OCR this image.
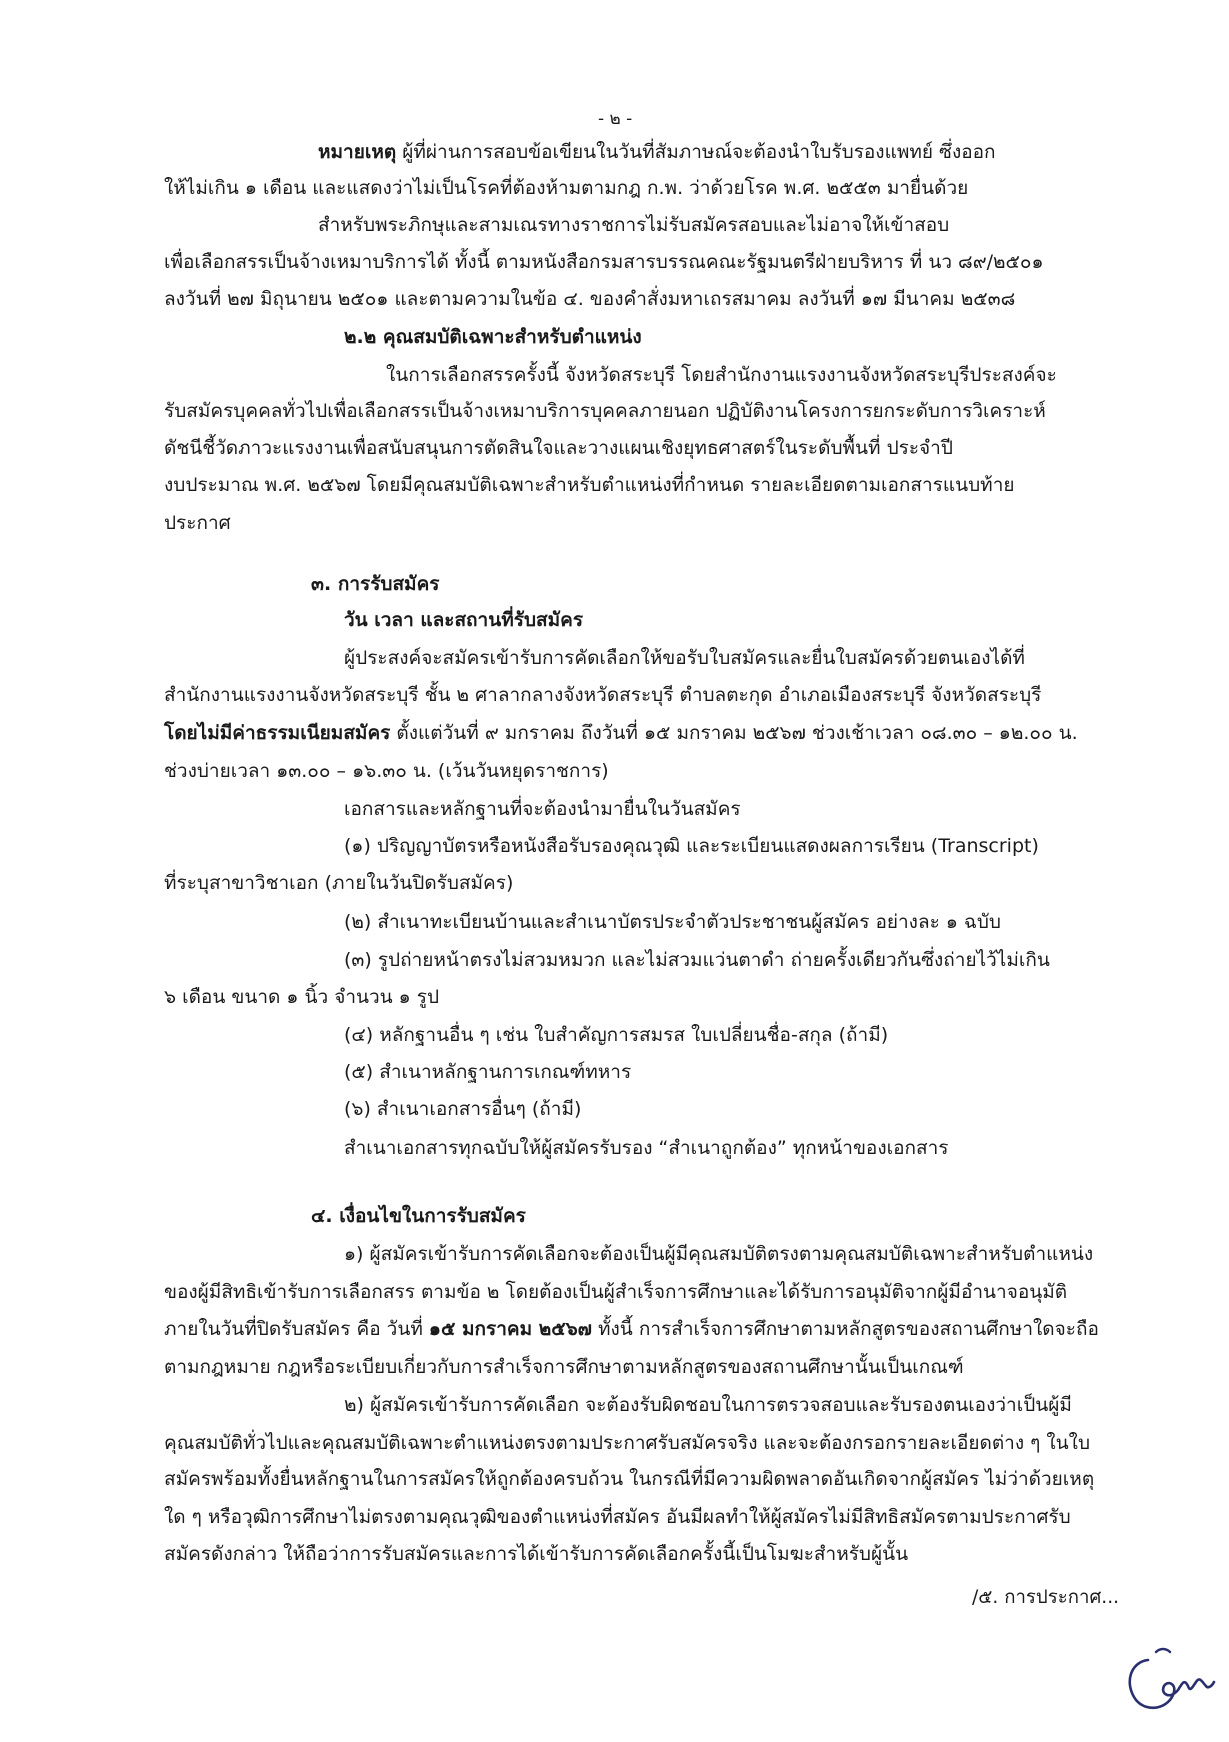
- ๒ -
หมายเหตุ ผู้ที่ผ่านการสอบข้อเขียนในวันที่สัมภาษณ์จะต้องนำใบรับรองแพทย์ ซึ่งออก
ให้ไม่เกิน ๑ เดือน และแสดงว่าไม่เป็นโรคที่ต้องห้ามตามกฎ ก.พ. ว่าด้วยโรค พ.ศ. ๒๕๕๓ มายื่นด้วย
สำหรับพระภิกษุและสามเณรทางราชการไม่รับสมัครสอบและไม่อาจให้เข้าสอบ
เพื่อเลือกสรรเป็นจ้างเหมาบริการได้ ทั้งนี้ ตามหนังสือกรมสารบรรณคณะรัฐมนตรีฝ่ายบริหาร ที่ นว ๘๙/๒๕๐๑
ลงวันที่ ๒๗ มิถุนายน ๒๕๐๑ และตามความในข้อ ๔. ของคำสั่งมหาเถรสมาคม ลงวันที่ ๑๗ มีนาคม ๒๕๓๘
๒.๒ คุณสมบัติเฉพาะสำหรับตำแหน่ง
ในการเลือกสรรครั้งนี้ จังหวัดสระบุรี โดยสำนักงานแรงงานจังหวัดสระบุรีประสงค์จะ
รับสมัครบุคคลทั่วไปเพื่อเลือกสรรเป็นจ้างเหมาบริการบุคคลภายนอก ปฏิบัติงานโครงการยกระดับการวิเคราะห์
ดัชนีชี้วัดภาวะแรงงานเพื่อสนับสนุนการตัดสินใจและวางแผนเชิงยุทธศาสตร์ในระดับพื้นที่ ประจำปี
งบประมาณ พ.ศ. ๒๕๖๗ โดยมีคุณสมบัติเฉพาะสำหรับตำแหน่งที่กำหนด รายละเอียดตามเอกสารแนบท้าย
ประกาศ
๓. การรับสมัคร
วัน เวลา และสถานที่รับสมัคร
ผู้ประสงค์จะสมัครเข้ารับการคัดเลือกให้ขอรับใบสมัครและยื่นใบสมัครด้วยตนเองได้ที่
สำนักงานแรงงานจังหวัดสระบุรี ชั้น ๒ ศาลากลางจังหวัดสระบุรี ตำบลตะกุด อำเภอเมืองสระบุรี จังหวัดสระบุรี
โดยไม่มีค่าธรรมเนียมสมัคร ตั้งแต่วันที่ ๙ มกราคม ถึงวันที่ ๑๕ มกราคม ๒๕๖๗ ช่วงเช้าเวลา ๐๘.๓๐ – ๑๒.๐๐ น.
ช่วงบ่ายเวลา ๑๓.๐๐ – ๑๖.๓๐ น. (เว้นวันหยุดราชการ)
เอกสารและหลักฐานที่จะต้องนำมายื่นในวันสมัคร
(๑) ปริญญาบัตรหรือหนังสือรับรองคุณวุฒิ และระเบียนแสดงผลการเรียน (Transcript)
ที่ระบุสาขาวิชาเอก (ภายในวันปิดรับสมัคร)
(๒) สำเนาทะเบียนบ้านและสำเนาบัตรประจำตัวประชาชนผู้สมัคร อย่างละ ๑ ฉบับ
(๓) รูปถ่ายหน้าตรงไม่สวมหมวก และไม่สวมแว่นตาดำ ถ่ายครั้งเดียวกันซึ่งถ่ายไว้ไม่เกิน
๖ เดือน ขนาด ๑ นิ้ว จำนวน ๑ รูป
(๔) หลักฐานอื่น ๆ เช่น ใบสำคัญการสมรส ใบเปลี่ยนชื่อ-สกุล (ถ้ามี)
(๕) สำเนาหลักฐานการเกณฑ์ทหาร
(๖) สำเนาเอกสารอื่นๆ (ถ้ามี)
สำเนาเอกสารทุกฉบับให้ผู้สมัครรับรอง “สำเนาถูกต้อง” ทุกหน้าของเอกสาร
๔. เงื่อนไขในการรับสมัคร
๑) ผู้สมัครเข้ารับการคัดเลือกจะต้องเป็นผู้มีคุณสมบัติตรงตามคุณสมบัติเฉพาะสำหรับตำแหน่ง
ของผู้มีสิทธิเข้ารับการเลือกสรร ตามข้อ ๒ โดยต้องเป็นผู้สำเร็จการศึกษาและได้รับการอนุมัติจากผู้มีอำนาจอนุมัติ
ภายในวันที่ปิดรับสมัคร คือ วันที่ ๑๕ มกราคม ๒๕๖๗ ทั้งนี้ การสำเร็จการศึกษาตามหลักสูตรของสถานศึกษาใดจะถือ
ตามกฎหมาย กฎหรือระเบียบเกี่ยวกับการสำเร็จการศึกษาตามหลักสูตรของสถานศึกษานั้นเป็นเกณฑ์
๒) ผู้สมัครเข้ารับการคัดเลือก จะต้องรับผิดชอบในการตรวจสอบและรับรองตนเองว่าเป็นผู้มี
คุณสมบัติทั่วไปและคุณสมบัติเฉพาะตำแหน่งตรงตามประกาศรับสมัครจริง และจะต้องกรอกรายละเอียดต่าง ๆ ในใบ
สมัครพร้อมทั้งยื่นหลักฐานในการสมัครให้ถูกต้องครบถ้วน ในกรณีที่มีความผิดพลาดอันเกิดจากผู้สมัคร ไม่ว่าด้วยเหตุ
ใด ๆ หรือวุฒิการศึกษาไม่ตรงตามคุณวุฒิของตำแหน่งที่สมัคร อันมีผลทำให้ผู้สมัครไม่มีสิทธิสมัครตามประกาศรับ
สมัครดังกล่าว ให้ถือว่าการรับสมัครและการได้เข้ารับการคัดเลือกครั้งนี้เป็นโมฆะสำหรับผู้นั้น
/๕. การประกาศ...
